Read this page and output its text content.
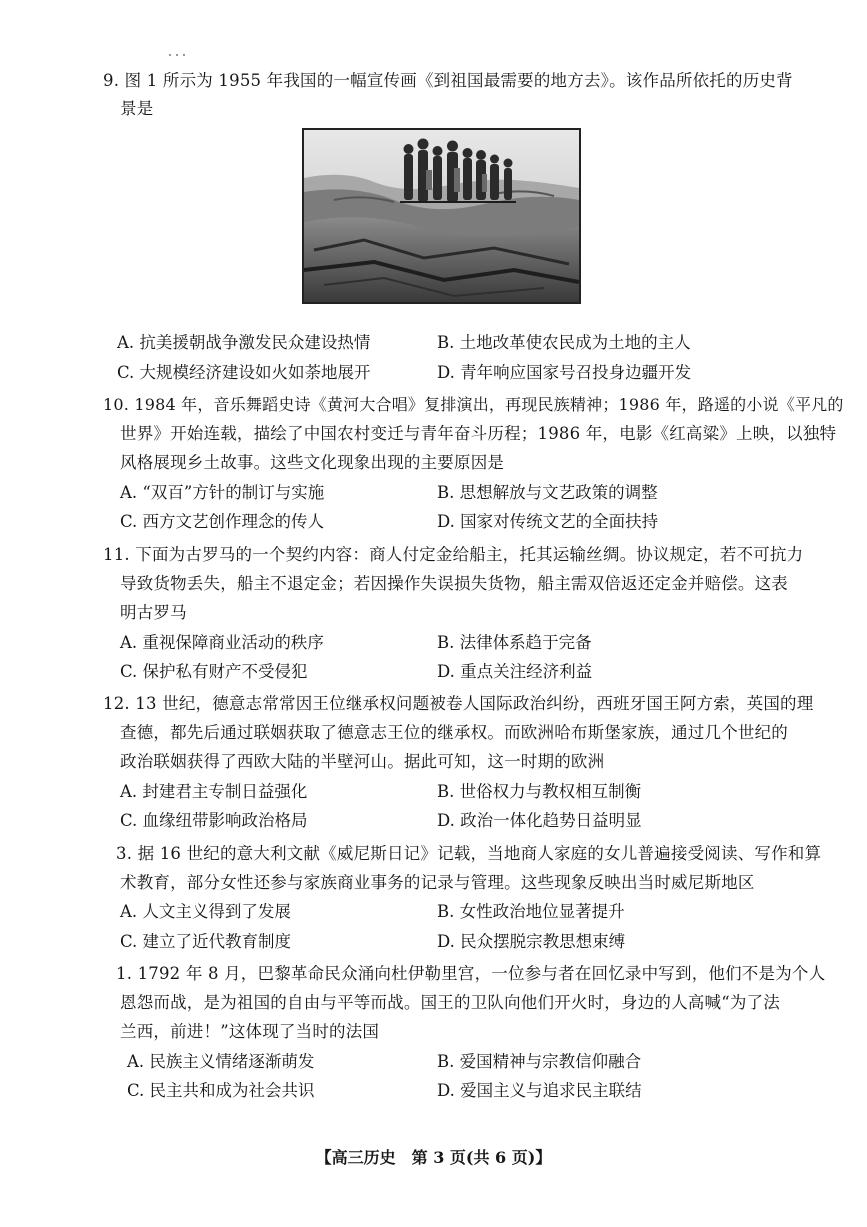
9. 图 1 所示为 1955 年我国的一幅宣传画《到祖国最需要的地方去》。该作品所依托的历史背
景是
A. 抗美援朝战争激发民众建设热情	B. 土地改革使农民成为土地的主人
C. 大规模经济建设如火如荼地展开	D. 青年响应国家号召投身边疆开发
10. 1984 年，音乐舞蹈史诗《黄河大合唱》复排演出，再现民族精神；1986 年，路遥的小说《平凡的
世界》开始连载，描绘了中国农村变迁与青年奋斗历程；1986 年，电影《红高粱》上映，以独特
风格展现乡土故事。这些文化现象出现的主要原因是
A. “双百”方针的制订与实施	B. 思想解放与文艺政策的调整
C. 西方文艺创作理念的传人	D. 国家对传统文艺的全面扶持
11. 下面为古罗马的一个契约内容：商人付定金给船主，托其运输丝绸。协议规定，若不可抗力
导致货物丢失，船主不退定金；若因操作失误损失货物，船主需双倍返还定金并赔偿。这表
明古罗马
A. 重视保障商业活动的秩序	B. 法律体系趋于完备
C. 保护私有财产不受侵犯	D. 重点关注经济利益
12. 13 世纪，德意志常常因王位继承权问题被卷人国际政治纠纷，西班牙国王阿方索，英国的理
查德，都先后通过联姻获取了德意志王位的继承权。而欧洲哈布斯堡家族，通过几个世纪的
政治联姻获得了西欧大陆的半壁河山。据此可知，这一时期的欧洲
A. 封建君主专制日益强化	B. 世俗权力与教权相互制衡
C. 血缘纽带影响政治格局	D. 政治一体化趋势日益明显
3. 据 16 世纪的意大利文献《威尼斯日记》记载，当地商人家庭的女儿普遍接受阅读、写作和算
术教育，部分女性还参与家族商业事务的记录与管理。这些现象反映出当时威尼斯地区
A. 人文主义得到了发展	B. 女性政治地位显著提升
C. 建立了近代教育制度	D. 民众摆脱宗教思想束缚
1. 1792 年 8 月，巴黎革命民众涌向杜伊勒里宫，一位参与者在回忆录中写到，他们不是为个人
恩怨而战，是为祖国的自由与平等而战。国王的卫队向他们开火时，身边的人高喊“为了法
兰西，前进！”这体现了当时的法国
A. 民族主义情绪逐渐萌发	B. 爱国精神与宗教信仰融合
C. 民主共和成为社会共识	D. 爱国主义与追求民主联结
【高三历史　第 3 页(共 6 页)】
